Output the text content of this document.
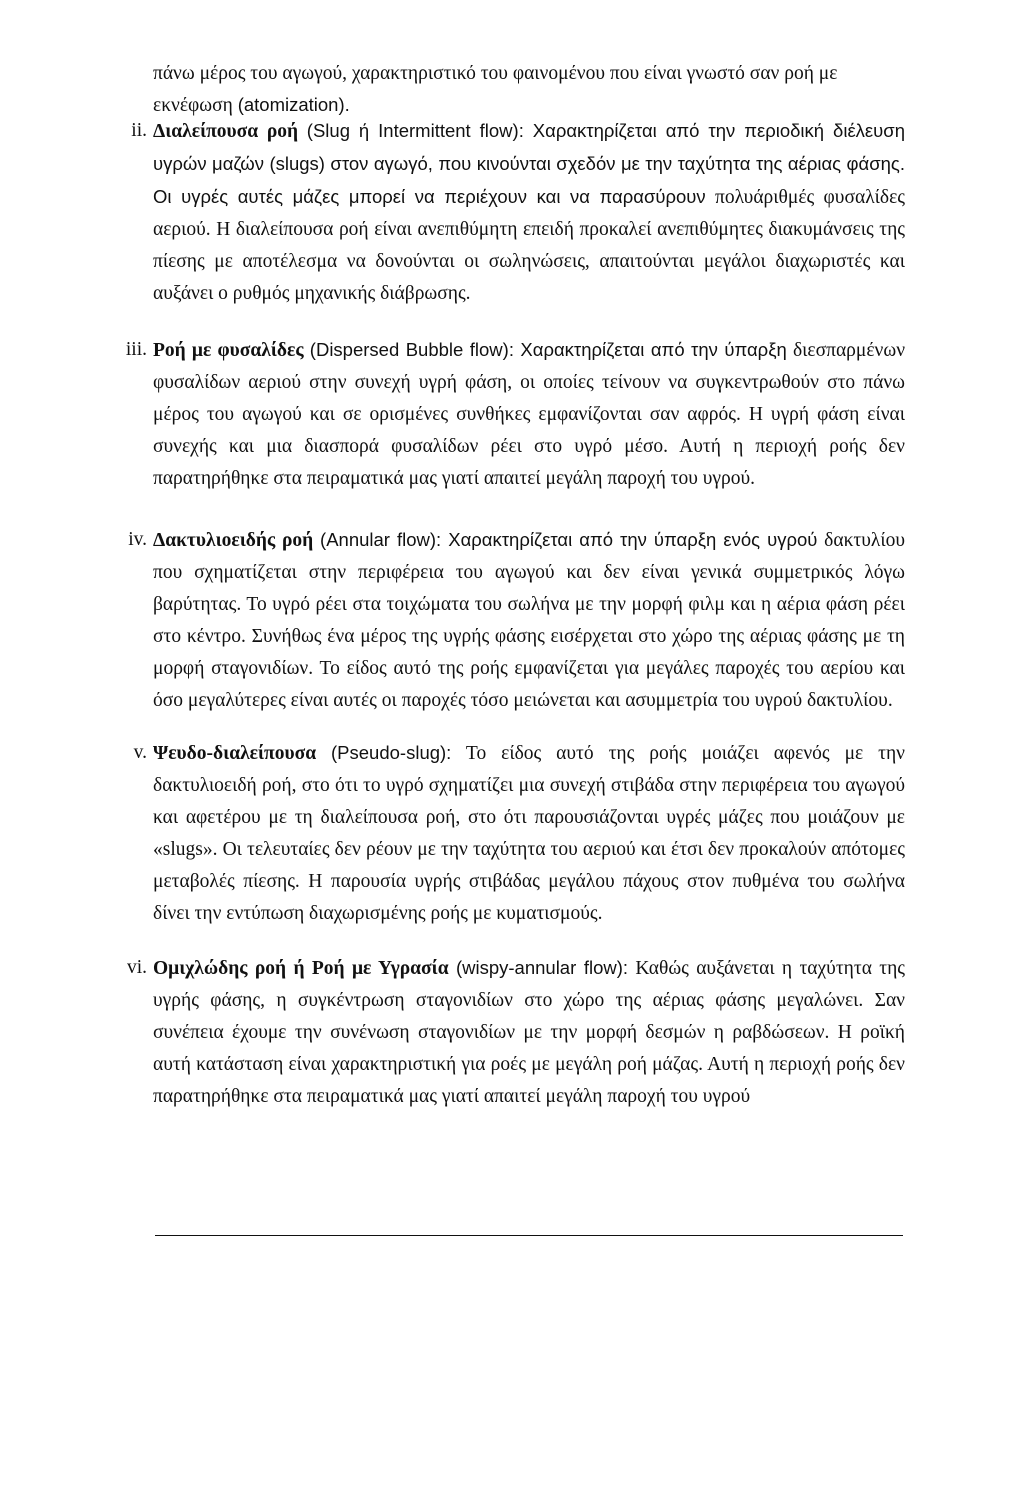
πάνω μέρος του αγωγού, χαρακτηριστικό του φαινομένου που είναι γνωστό σαν ροή με εκνέφωση (atomization).
ii. Διαλείπουσα ροή (Slug ή Intermittent flow): Χαρακτηρίζεται από την περιοδική διέλευση υγρών μαζών (slugs) στον αγωγό, που κινούνται σχεδόν με την ταχύτητα της αέριας φάσης. Οι υγρές αυτές μάζες μπορεί να περιέχουν και να παρασύρουν πολυάριθμές φυσαλίδες αεριού. Η διαλείπουσα ροή είναι ανεπιθύμητη επειδή προκαλεί ανεπιθύμητες διακυμάνσεις της πίεσης με αποτέλεσμα να δονούνται οι σωληνώσεις, απαιτούνται μεγάλοι διαχωριστές και αυξάνει ο ρυθμός μηχανικής διάβρωσης.
iii. Ροή με φυσαλίδες (Dispersed Bubble flow): Χαρακτηρίζεται από την ύπαρξη διεσπαρμένων φυσαλίδων αεριού στην συνεχή υγρή φάση, οι οποίες τείνουν να συγκεντρωθούν στο πάνω μέρος του αγωγού και σε ορισμένες συνθήκες εμφανίζονται σαν αφρός. Η υγρή φάση είναι συνεχής και μια διασπορά φυσαλίδων ρέει στο υγρό μέσο. Αυτή η περιοχή ροής δεν παρατηρήθηκε στα πειραματικά μας γιατί απαιτεί μεγάλη παροχή του υγρού.
iv. Δακτυλιοειδής ροή (Annular flow): Χαρακτηρίζεται από την ύπαρξη ενός υγρού δακτυλίου που σχηματίζεται στην περιφέρεια του αγωγού και δεν είναι γενικά συμμετρικός λόγω βαρύτητας. Το υγρό ρέει στα τοιχώματα του σωλήνα με την μορφή φιλμ και η αέρια φάση ρέει στο κέντρο. Συνήθως ένα μέρος της υγρής φάσης εισέρχεται στο χώρο της αέριας φάσης με τη μορφή σταγονιδίων. Το είδος αυτό της ροής εμφανίζεται για μεγάλες παροχές του αερίου και όσο μεγαλύτερες είναι αυτές οι παροχές τόσο μειώνεται και ασυμμετρία του υγρού δακτυλίου.
v. Ψευδο-διαλείπουσα (Pseudo-slug): Το είδος αυτό της ροής μοιάζει αφενός με την δακτυλιοειδή ροή, στο ότι το υγρό σχηματίζει μια συνεχή στιβάδα στην περιφέρεια του αγωγού και αφετέρου με τη διαλείπουσα ροή, στο ότι παρουσιάζονται υγρές μάζες που μοιάζουν με «slugs». Οι τελευταίες δεν ρέουν με την ταχύτητα του αεριού και έτσι δεν προκαλούν απότομες μεταβολές πίεσης. Η παρουσία υγρής στιβάδας μεγάλου πάχους στον πυθμένα του σωλήνα δίνει την εντύπωση διαχωρισμένης ροής με κυματισμούς.
vi. Ομιχλώδης ροή ή Ροή με Υγρασία (wispy-annular flow): Καθώς αυξάνεται η ταχύτητα της υγρής φάσης, η συγκέντρωση σταγονιδίων στο χώρο της αέριας φάσης μεγαλώνει. Σαν συνέπεια έχουμε την συνένωση σταγονιδίων με την μορφή δεσμών η ραβδώσεων. Η ροϊκή αυτή κατάσταση είναι χαρακτηριστική για ροές με μεγάλη ροή μάζας. Αυτή η περιοχή ροής δεν παρατηρήθηκε στα πειραματικά μας γιατί απαιτεί μεγάλη παροχή του υγρού
